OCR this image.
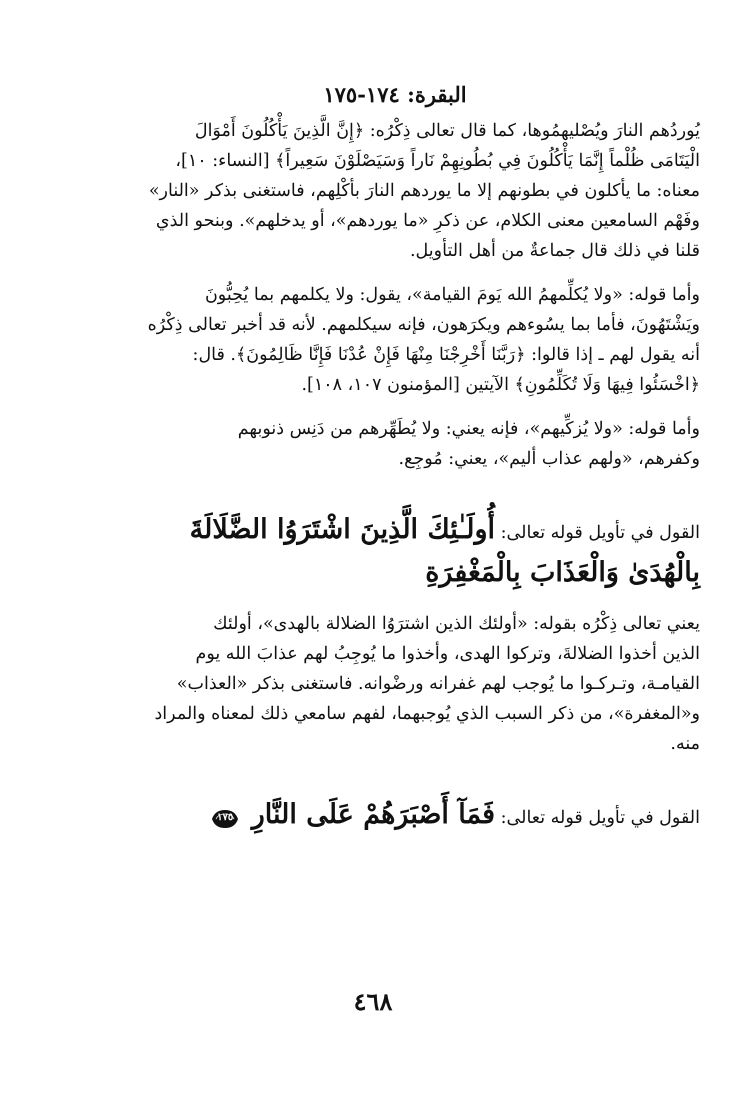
البقرة: ١٧٤-١٧٥

يُوردُهم النارَ ويُصْليهمُوها، كما قال تعالى ذِكْرُه: ﴿إِنَّ الَّذِينَ يَأْكُلُونَ أَمْوَالَ

الْيَتَامَى ظُلْماً إِنَّمَا يَأْكُلُونَ فِي بُطُونِهِمْ نَاراً وَسَيَصْلَوْنَ سَعِيراً﴾ [النساء: ١٠]،

معناه: ما يأكلون في بطونهم إلا ما يوردهم النارَ بأكْلِهم، فاستغنى بذكر «النار»

وفَهْم السامعين معنى الكلام، عن ذكرِ «ما يوردهم»، أو يدخلهم». وبنحو الذي

قلنا في ذلك قال جماعةٌ من أهل التأويل.

وأما قوله: «ولا يُكلِّمهمُ الله يَومَ القيامة»، يقول: ولا يكلمهم بما يُحِبُّونَ

ويَشْتَهُونَ، فأما بما يسُوءهم ويكرَهون، فإنه سيكلمهم. لأنه قد أخبر تعالى ذِكْرُه

أنه يقول لهم ـ إذا قالوا: ﴿رَبَّنَا أَخْرِجْنَا مِنْهَا فَإِنْ عُدْنَا فَإِنَّا ظَالِمُونَ﴾. قال:

﴿اخْسَئُوا فِيهَا وَلَا تُكَلِّمُونِ﴾ الآيتين [المؤمنون ١٠٧، ١٠٨].

وأما قوله: «ولا يُزكِّيهم»، فإنه يعني: ولا يُطَهِّرهم من دَنِس ذنوبهم

وكفرهم، «ولهم عذاب أليم»، يعني: مُوجِع.

القول في تأويل قوله تعالى: أُولَـٰئِكَ الَّذِينَ اشْتَرَوُا الضَّلَالَةَ

بِالْهُدَىٰ وَالْعَذَابَ بِالْمَغْفِرَةِ

يعني تعالى ذِكْرُه بقوله: «أولئك الذين اشترَوُا الضلالة بالهدى»، أولئك

الذين أخذوا الضلالةَ، وتركوا الهدى، وأخذوا ما يُوجِبُ لهم عذابَ الله يوم

القيامـة، وتـركـوا ما يُوجب لهم غفرانه ورضْوانه. فاستغنى بذكر «العذاب»

و«المغفرة»، من ذكر السبب الذي يُوجبهما، لفهم سامعي ذلك لمعناه والمراد

منه.

القول في تأويل قوله تعالى: فَمَآ أَصْبَرَهُمْ عَلَى النَّارِ
١٧٥

٤٦٨
